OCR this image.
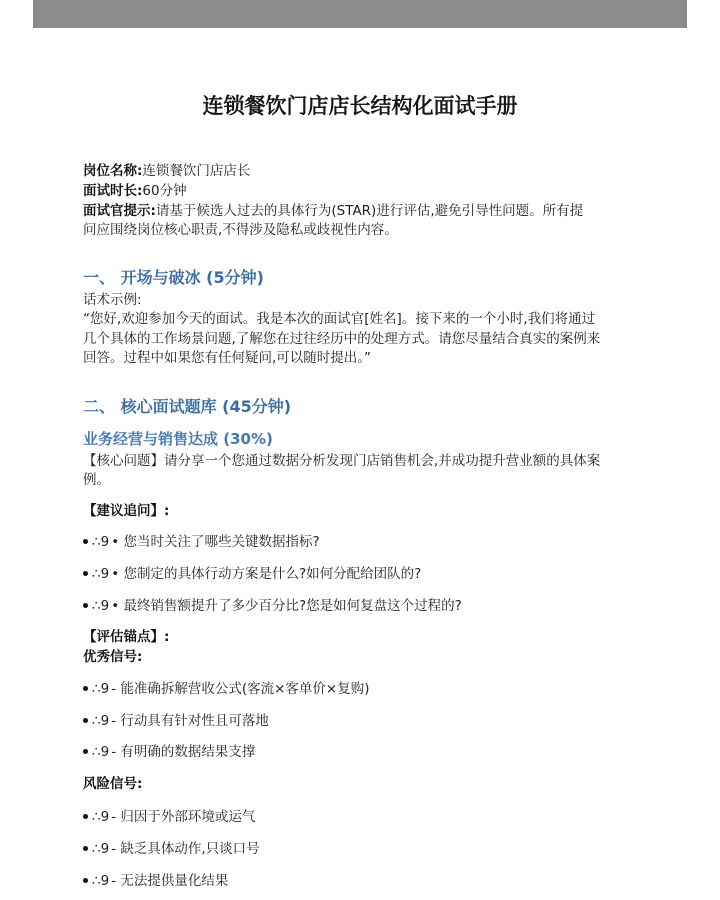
连锁餐饮门店店长结构化面试手册
岗位名称:连锁餐饮门店店长
面试时长:60分钟
面试官提示:请基于候选人过去的具体行为(STAR)进行评估,避免引导性问题。所有提
问应围绕岗位核心职责,不得涉及隐私或歧视性内容。
一、 开场与破冰 (5分钟)
话术示例:
“您好,欢迎参加今天的面试。我是本次的面试官[姓名]。接下来的一个小时,我们将通过
几个具体的工作场景问题,了解您在过往经历中的处理方式。请您尽量结合真实的案例来
回答。过程中如果您有任何疑问,可以随时提出。”
二、 核心面试题库 (45分钟)
业务经营与销售达成 (30%)
【核心问题】请分享一个您通过数据分析发现门店销售机会,并成功提升营业额的具体案
例。
【建议追问】:
∴9 • 您当时关注了哪些关键数据指标?
∴9 • 您制定的具体行动方案是什么?如何分配给团队的?
∴9 • 最终销售额提升了多少百分比?您是如何复盘这个过程的?
【评估锚点】:
优秀信号:
∴9 - 能准确拆解营收公式(客流×客单价×复购)
∴9 - 行动具有针对性且可落地
∴9 - 有明确的数据结果支撑
风险信号:
∴9 - 归因于外部环境或运气
∴9 - 缺乏具体动作,只谈口号
∴9 - 无法提供量化结果
